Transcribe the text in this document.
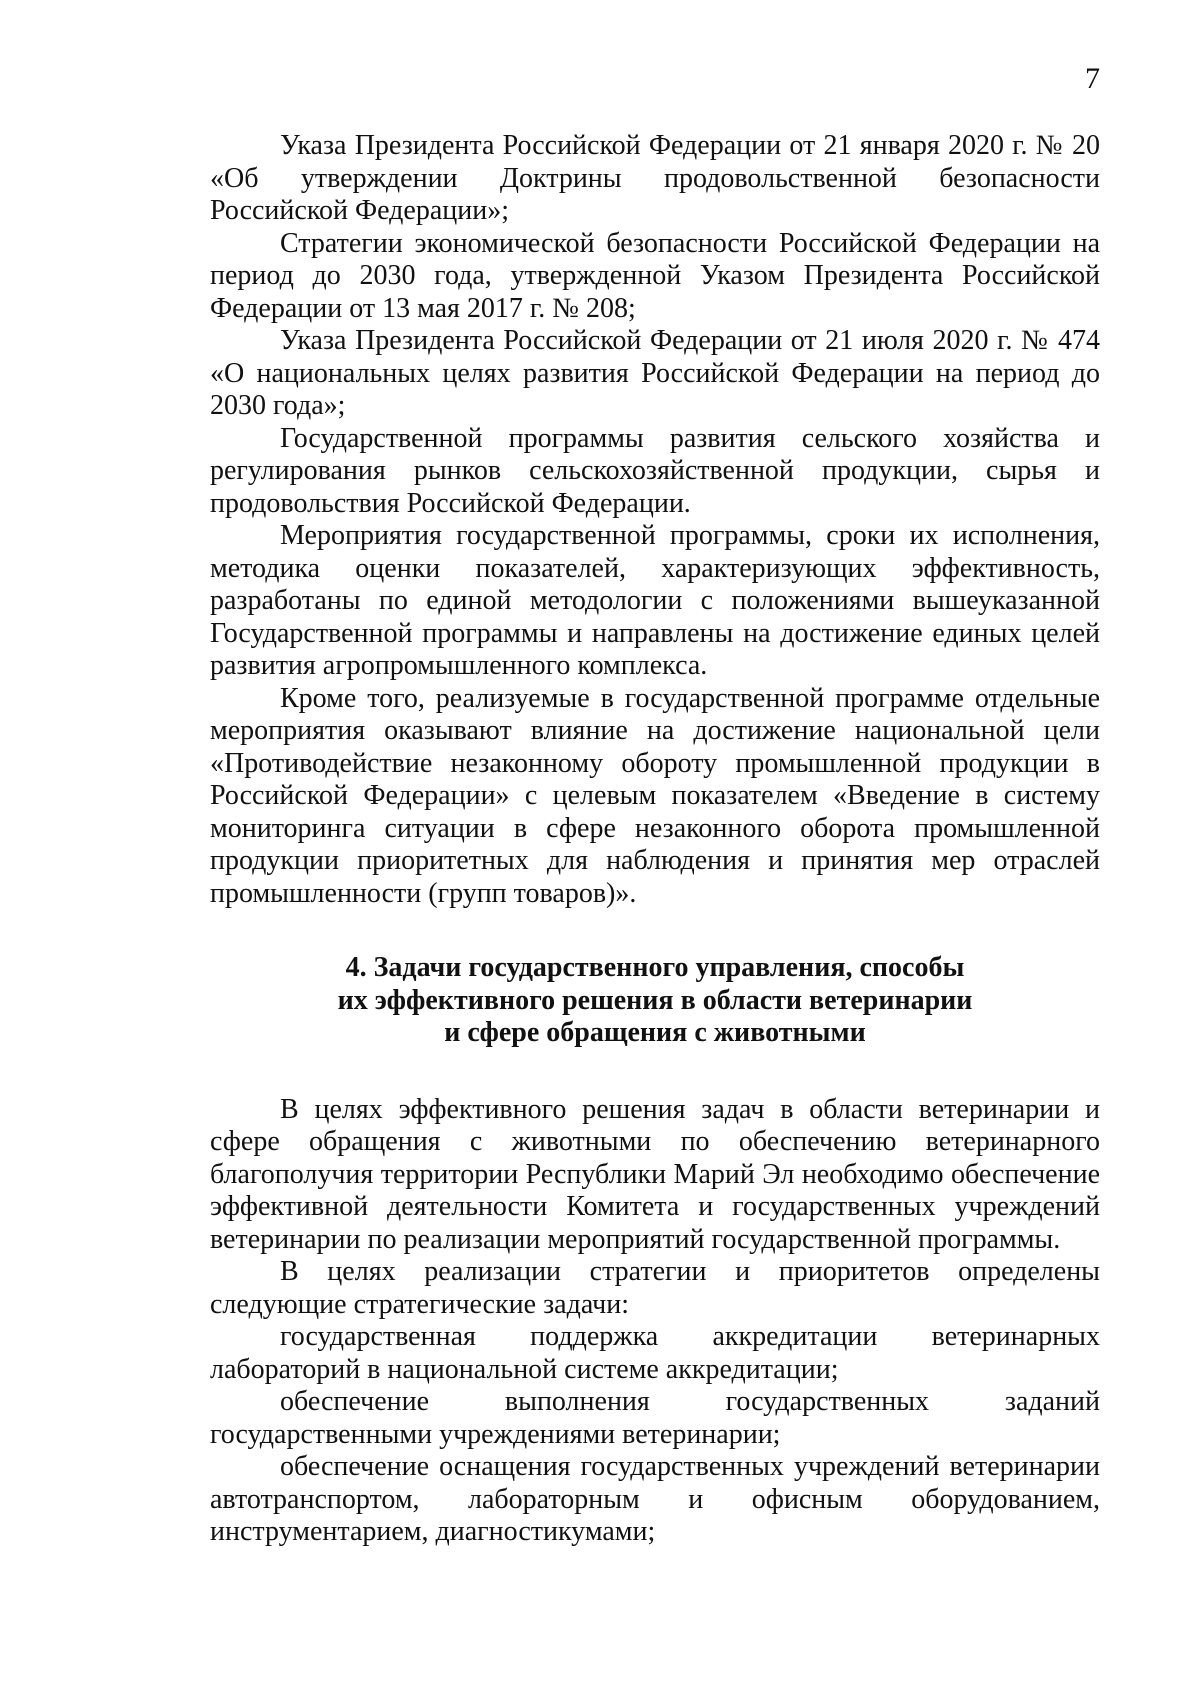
7

Указа Президента Российской Федерации от 21 января 2020 г. № 20 «Об утверждении Доктрины продовольственной безопасности Российской Федерации»;

Стратегии экономической безопасности Российской Федерации на период до 2030 года, утвержденной Указом Президента Российской Федерации от 13 мая 2017 г. № 208;

Указа Президента Российской Федерации от 21 июля 2020 г. № 474 «О национальных целях развития Российской Федерации на период до 2030 года»;

Государственной программы развития сельского хозяйства и регулирования рынков сельскохозяйственной продукции, сырья и продовольствия Российской Федерации.

Мероприятия государственной программы, сроки их исполнения, методика оценки показателей, характеризующих эффективность, разработаны по единой методологии с положениями вышеуказанной Государственной программы и направлены на достижение единых целей развития агропромышленного комплекса.

Кроме того, реализуемые в государственной программе отдельные мероприятия оказывают влияние на достижение национальной цели «Противодействие незаконному обороту промышленной продукции в Российской Федерации» с целевым показателем «Введение в систему мониторинга ситуации в сфере незаконного оборота промышленной продукции приоритетных для наблюдения и принятия мер отраслей промышленности (групп товаров)».

4. Задачи государственного управления, способы
их эффективного решения в области ветеринарии
и сфере обращения с животными

В целях эффективного решения задач в области ветеринарии и сфере обращения с животными по обеспечению ветеринарного благополучия территории Республики Марий Эл необходимо обеспечение эффективной деятельности Комитета и государственных учреждений ветеринарии по реализации мероприятий государственной программы.

В целях реализации стратегии и приоритетов определены следующие стратегические задачи:

государственная поддержка аккредитации ветеринарных лабораторий в национальной системе аккредитации;

обеспечение выполнения государственных заданий государственными учреждениями ветеринарии;

обеспечение оснащения государственных учреждений ветеринарии автотранспортом, лабораторным и офисным оборудованием, инструментарием, диагностикумами;
